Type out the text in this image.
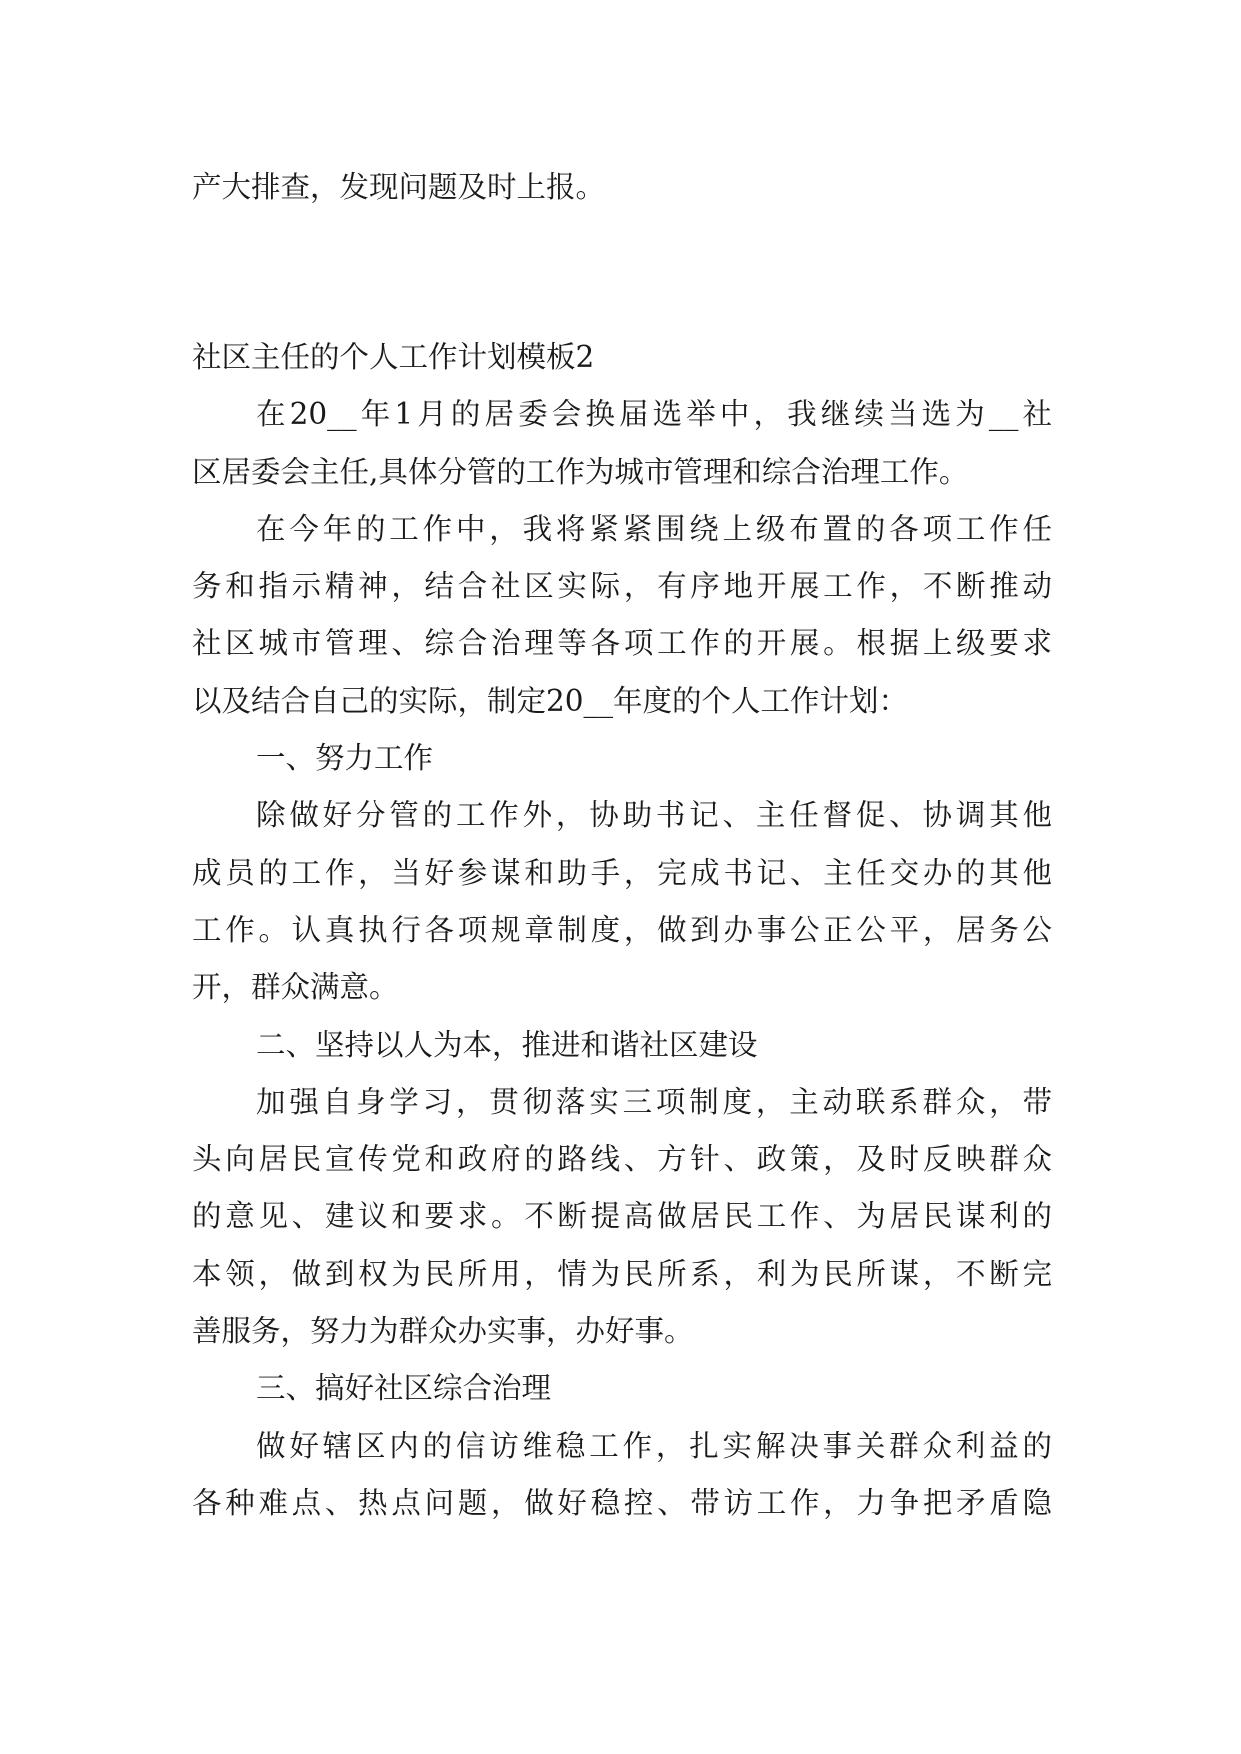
产大排查，发现问题及时上报。

社区主任的个人工作计划模板2

在20__年1月的居委会换届选举中，我继续当选为__社

区居委会主任,具体分管的工作为城市管理和综合治理工作。

在今年的工作中，我将紧紧围绕上级布置的各项工作任

务和指示精神，结合社区实际，有序地开展工作，不断推动

社区城市管理、综合治理等各项工作的开展。根据上级要求

以及结合自己的实际，制定20__年度的个人工作计划：

一、努力工作

除做好分管的工作外，协助书记、主任督促、协调其他

成员的工作，当好参谋和助手，完成书记、主任交办的其他

工作。认真执行各项规章制度，做到办事公正公平，居务公

开，群众满意。

二、坚持以人为本，推进和谐社区建设

加强自身学习，贯彻落实三项制度，主动联系群众，带

头向居民宣传党和政府的路线、方针、政策，及时反映群众

的意见、建议和要求。不断提高做居民工作、为居民谋利的

本领，做到权为民所用，情为民所系，利为民所谋，不断完

善服务，努力为群众办实事，办好事。

三、搞好社区综合治理

做好辖区内的信访维稳工作，扎实解决事关群众利益的

各种难点、热点问题，做好稳控、带访工作，力争把矛盾隐
